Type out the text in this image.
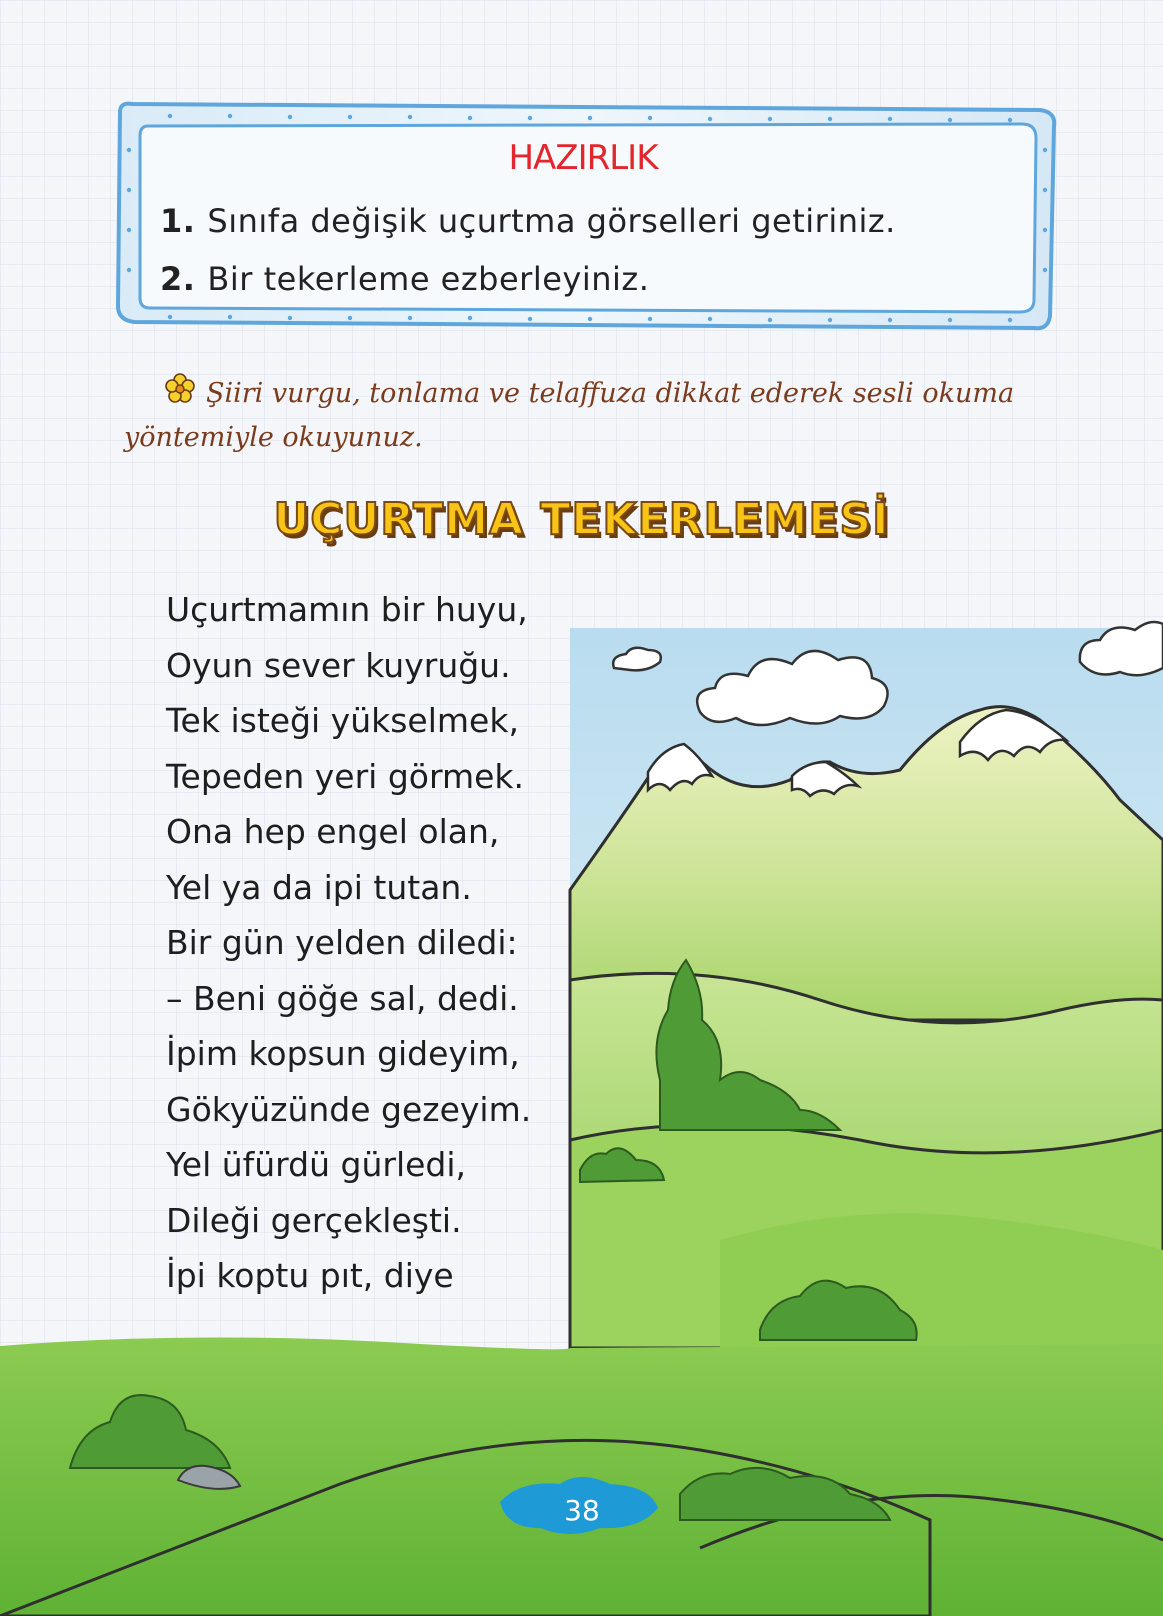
HAZIRLIK
1. Sınıfa değişik uçurtma görselleri getiriniz.
2. Bir tekerleme ezberleyiniz.
Şiiri vurgu, tonlama ve telaffuza dikkat ederek sesli okuma yöntemiyle okuyunuz.
UÇURTMA TEKERLEMESİ
Uçurtmamın bir huyu,
Oyun sever kuyruğu.
Tek isteği yükselmek,
Tepeden yeri görmek.
Ona hep engel olan,
Yel ya da ipi tutan.
Bir gün yelden diledi:
– Beni göğe sal, dedi.
İpim kopsun gideyim,
Gökyüzünde gezeyim.
Yel üfürdü gürledi,
Dileği gerçekleşti.
İpi koptu pıt, diye
38
